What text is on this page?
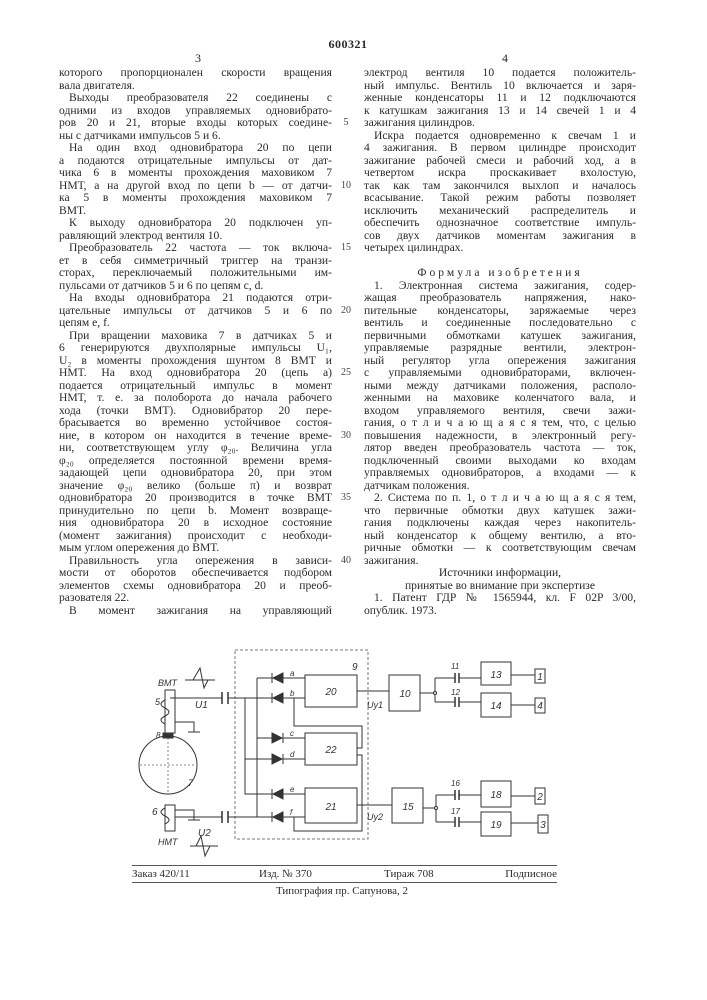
600321
3	4
которого пропорционален скорости вращения
вала двигателя.
Выходы преобразователя 22 соединены с
одними из входов управляемых одновибрато-
ров 20 и 21, вторые входы которых соедине-
ны с датчиками импульсов 5 и 6.
На один вход одновибратора 20 по цепи
a подаются отрицательные импульсы от дат-
чика 6 в моменты прохождения маховиком 7
НМТ, а на другой вход по цепи b — от датчи-
ка 5 в моменты прохождения маховиком 7
ВМТ.
К выходу одновибратора 20 подключен уп-
равляющий электрод вентиля 10.
Преобразователь 22 частота — ток включа-
ет в себя симметричный триггер на транзи-
сторах, переключаемый положительными им-
пульсами от датчиков 5 и 6 по цепям c, d.
На входы одновибратора 21 подаются отри-
цательные импульсы от датчиков 5 и 6 по
цепям e, f.
При вращении маховика 7 в датчиках 5 и
6 генерируются двухполярные импульсы U₁,
U₂ в моменты прохождения шунтом 8 ВМТ и
НМТ. На вход одновибратора 20 (цепь a)
подается отрицательный импульс в момент
НМТ, т. е. за полоборота до начала рабочего
хода (точки ВМТ). Одновибратор 20 пере-
брасывается во временно устойчивое состоя-
ние, в котором он находится в течение време-
ни, соответствующем углу φ₂₀. Величина угла
φ₂₀ определяется постоянной времени время-
задающей цепи одновибратора 20, при этом
значение φ₂₀ велико (больше π) и возврат
одновибратора 20 производится в точке ВМТ
принудительно по цепи b. Момент возвраще-
ния одновибратора 20 в исходное состояние
(момент зажигания) происходит с необходи-
мым углом опережения до ВМТ.
Правильность угла опережения в зависи-
мости от оборотов обеспечивается подбором
элементов схемы одновибратора 20 и преоб-
разователя 22.
В момент зажигания на управляющий
электрод вентиля 10 подается положитель-
ный импульс. Вентиль 10 включается и заря-
женные конденсаторы 11 и 12 подключаются
к катушкам зажигания 13 и 14 свечей 1 и 4
зажигания цилиндров.
Искра подается одновременно к свечам 1 и
4 зажигания. В первом цилиндре происходит
зажигание рабочей смеси и рабочий ход, а в
четвертом искра проскакивает вхолостую,
так как там закончился выхлоп и началось
всасывание. Такой режим работы позволяет
исключить механический распределитель и
обеспечить однозначное соответствие импуль-
сов двух датчиков моментам зажигания в
четырех цилиндрах.
Формула изобретения
1. Электронная система зажигания, содер-
жащая преобразователь напряжения, нако-
пительные конденсаторы, заряжаемые через
вентиль и соединенные последовательно с
первичными обмотками катушек зажигания,
управляемые разрядные вентили, электрон-
ный регулятор угла опережения зажигания
с управляемыми одновибраторами, включен-
ными между датчиками положения, располо-
женными на маховике коленчатого вала, и
входом управляемого вентиля, свечи зажи-
гания, о т л и ч а ю щ а я с я тем, что, с целью
повышения надежности, в электронный регу-
лятор введен преобразователь частота — ток,
подключенный своими выходами ко входам
управляемых одновибраторов, а входами — к
датчикам положения.
2. Система по п. 1, о т л и ч а ю щ а я с я тем,
что первичные обмотки двух катушек зажи-
гания подключены каждая через накопитель-
ный конденсатор к общему вентилю, а вто-
ричные обмотки — к соответствующим свечам
зажигания.
Источники информации,
принятые во внимание при экспертизе
1. Патент ГДР № 1565944, кл. F 02P 3/00,
опублик. 1973.
5
10
15
20
25
30
35
40
9
ВМТ
НМТ
5
8
7
6
U1
U2
a
b
c
d
e
f
20
22
21
10
15
13
14
18
19
1
4
2
3
Uу1
Uу2
11
12
16
17
Заказ 420/11	Изд. № 370	Тираж 708	Подписное
Типография пр. Сапунова, 2
